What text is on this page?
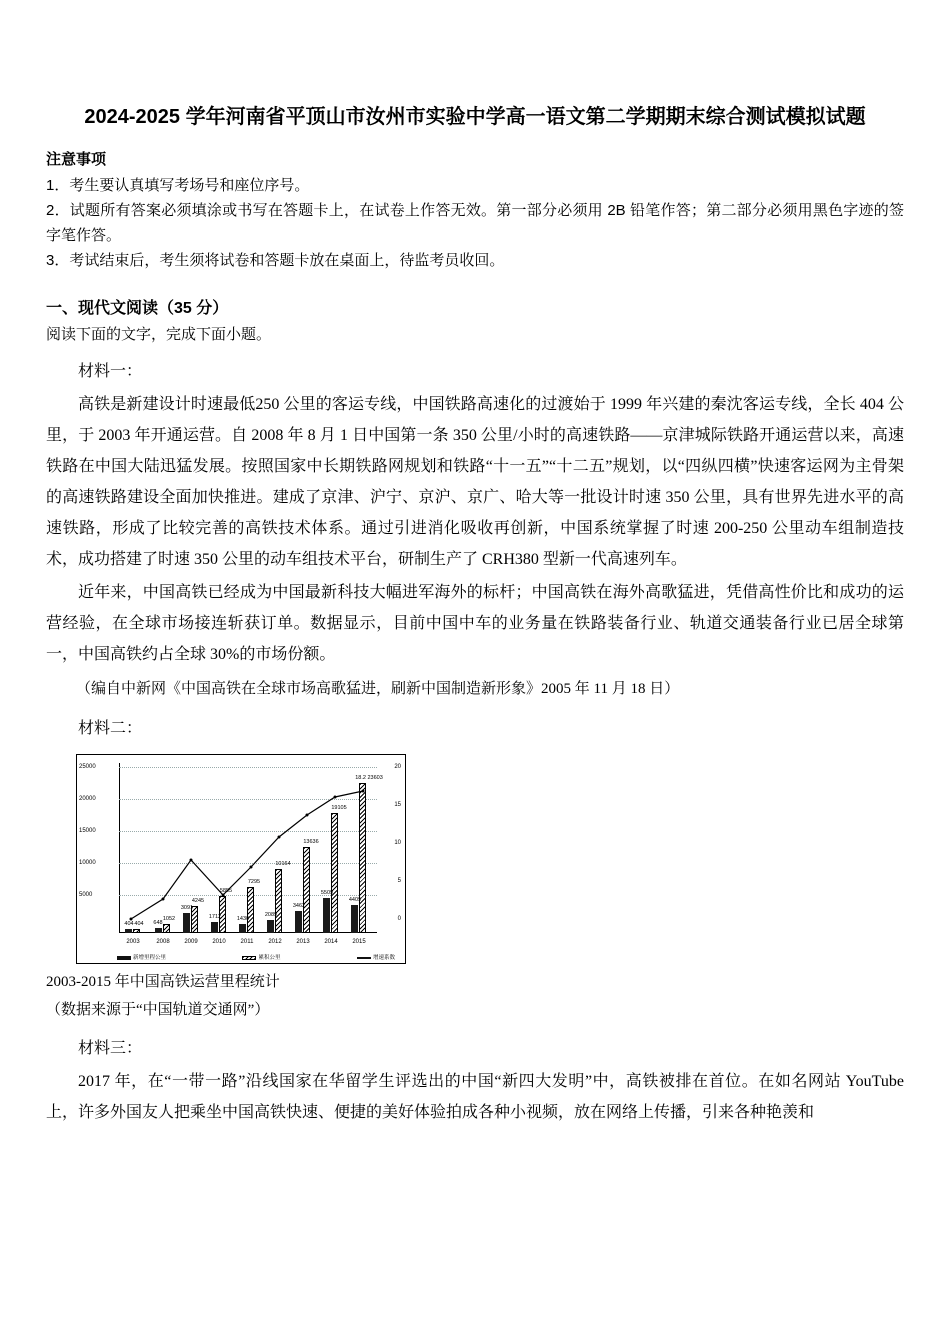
2024-2025 学年河南省平顶山市汝州市实验中学高一语文第二学期期末综合测试模拟试题
注意事项

1．考生要认真填写考场号和座位序号。

2．试题所有答案必须填涂或书写在答题卡上，在试卷上作答无效。第一部分必须用 2B 铅笔作答；第二部分必须用黑色字迹的签字笔作答。

3．考试结束后，考生须将试卷和答题卡放在桌面上，待监考员收回。

一、现代文阅读（35 分）

阅读下面的文字，完成下面小题。

材料一：

高铁是新建设计时速最低250 公里的客运专线，中国铁路高速化的过渡始于 1999 年兴建的秦沈客运专线，全长 404 公里，于 2003 年开通运营。自 2008 年 8 月 1 日中国第一条 350 公里/小时的高速铁路——京津城际铁路开通运营以来，高速铁路在中国大陆迅猛发展。按照国家中长期铁路网规划和铁路“十一五”“十二五”规划，以“四纵四横”快速客运网为主骨架的高速铁路建设全面加快推进。建成了京津、沪宁、京沪、京广、哈大等一批设计时速 350 公里，具有世界先进水平的高速铁路，形成了比较完善的高铁技术体系。通过引进消化吸收再创新，中国系统掌握了时速 200-250 公里动车组制造技术，成功搭建了时速 350 公里的动车组技术平台，研制生产了 CRH380 型新一代高速列车。

近年来，中国高铁已经成为中国最新科技大幅进军海外的标杆；中国高铁在海外高歌猛进，凭借高性价比和成功的运营经验，在全球市场接连斩获订单。数据显示，目前中国中车的业务量在铁路装备行业、轨道交通装备行业已居全球第一，中国高铁约占全球 30%的市场份额。

（编自中新网《中国高铁在全球市场高歌猛进，刷新中国制造新形象》2005 年 11 月 18 日）

材料二：

25000
20000
15000
10000
5000
20
15
10
5
0
404 404 648
1052
3091
4245
1712
5855
1430
7295
2089
10164
3462
13636
5509
19105
4409
18.2 23603
2003	2008 2009 2010 2011 2012 2013 2014 2015
新增里程公里	累积公里	增速系数

2003-2015 年中国高铁运营里程统计

（数据来源于“中国轨道交通网”）

材料三：

2017 年，在“一带一路”沿线国家在华留学生评选出的中国“新四大发明”中，高铁被排在首位。在如名网站 YouTube 上，许多外国友人把乘坐中国高铁快速、便捷的美好体验拍成各种小视频，放在网络上传播，引来各种艳羡和
